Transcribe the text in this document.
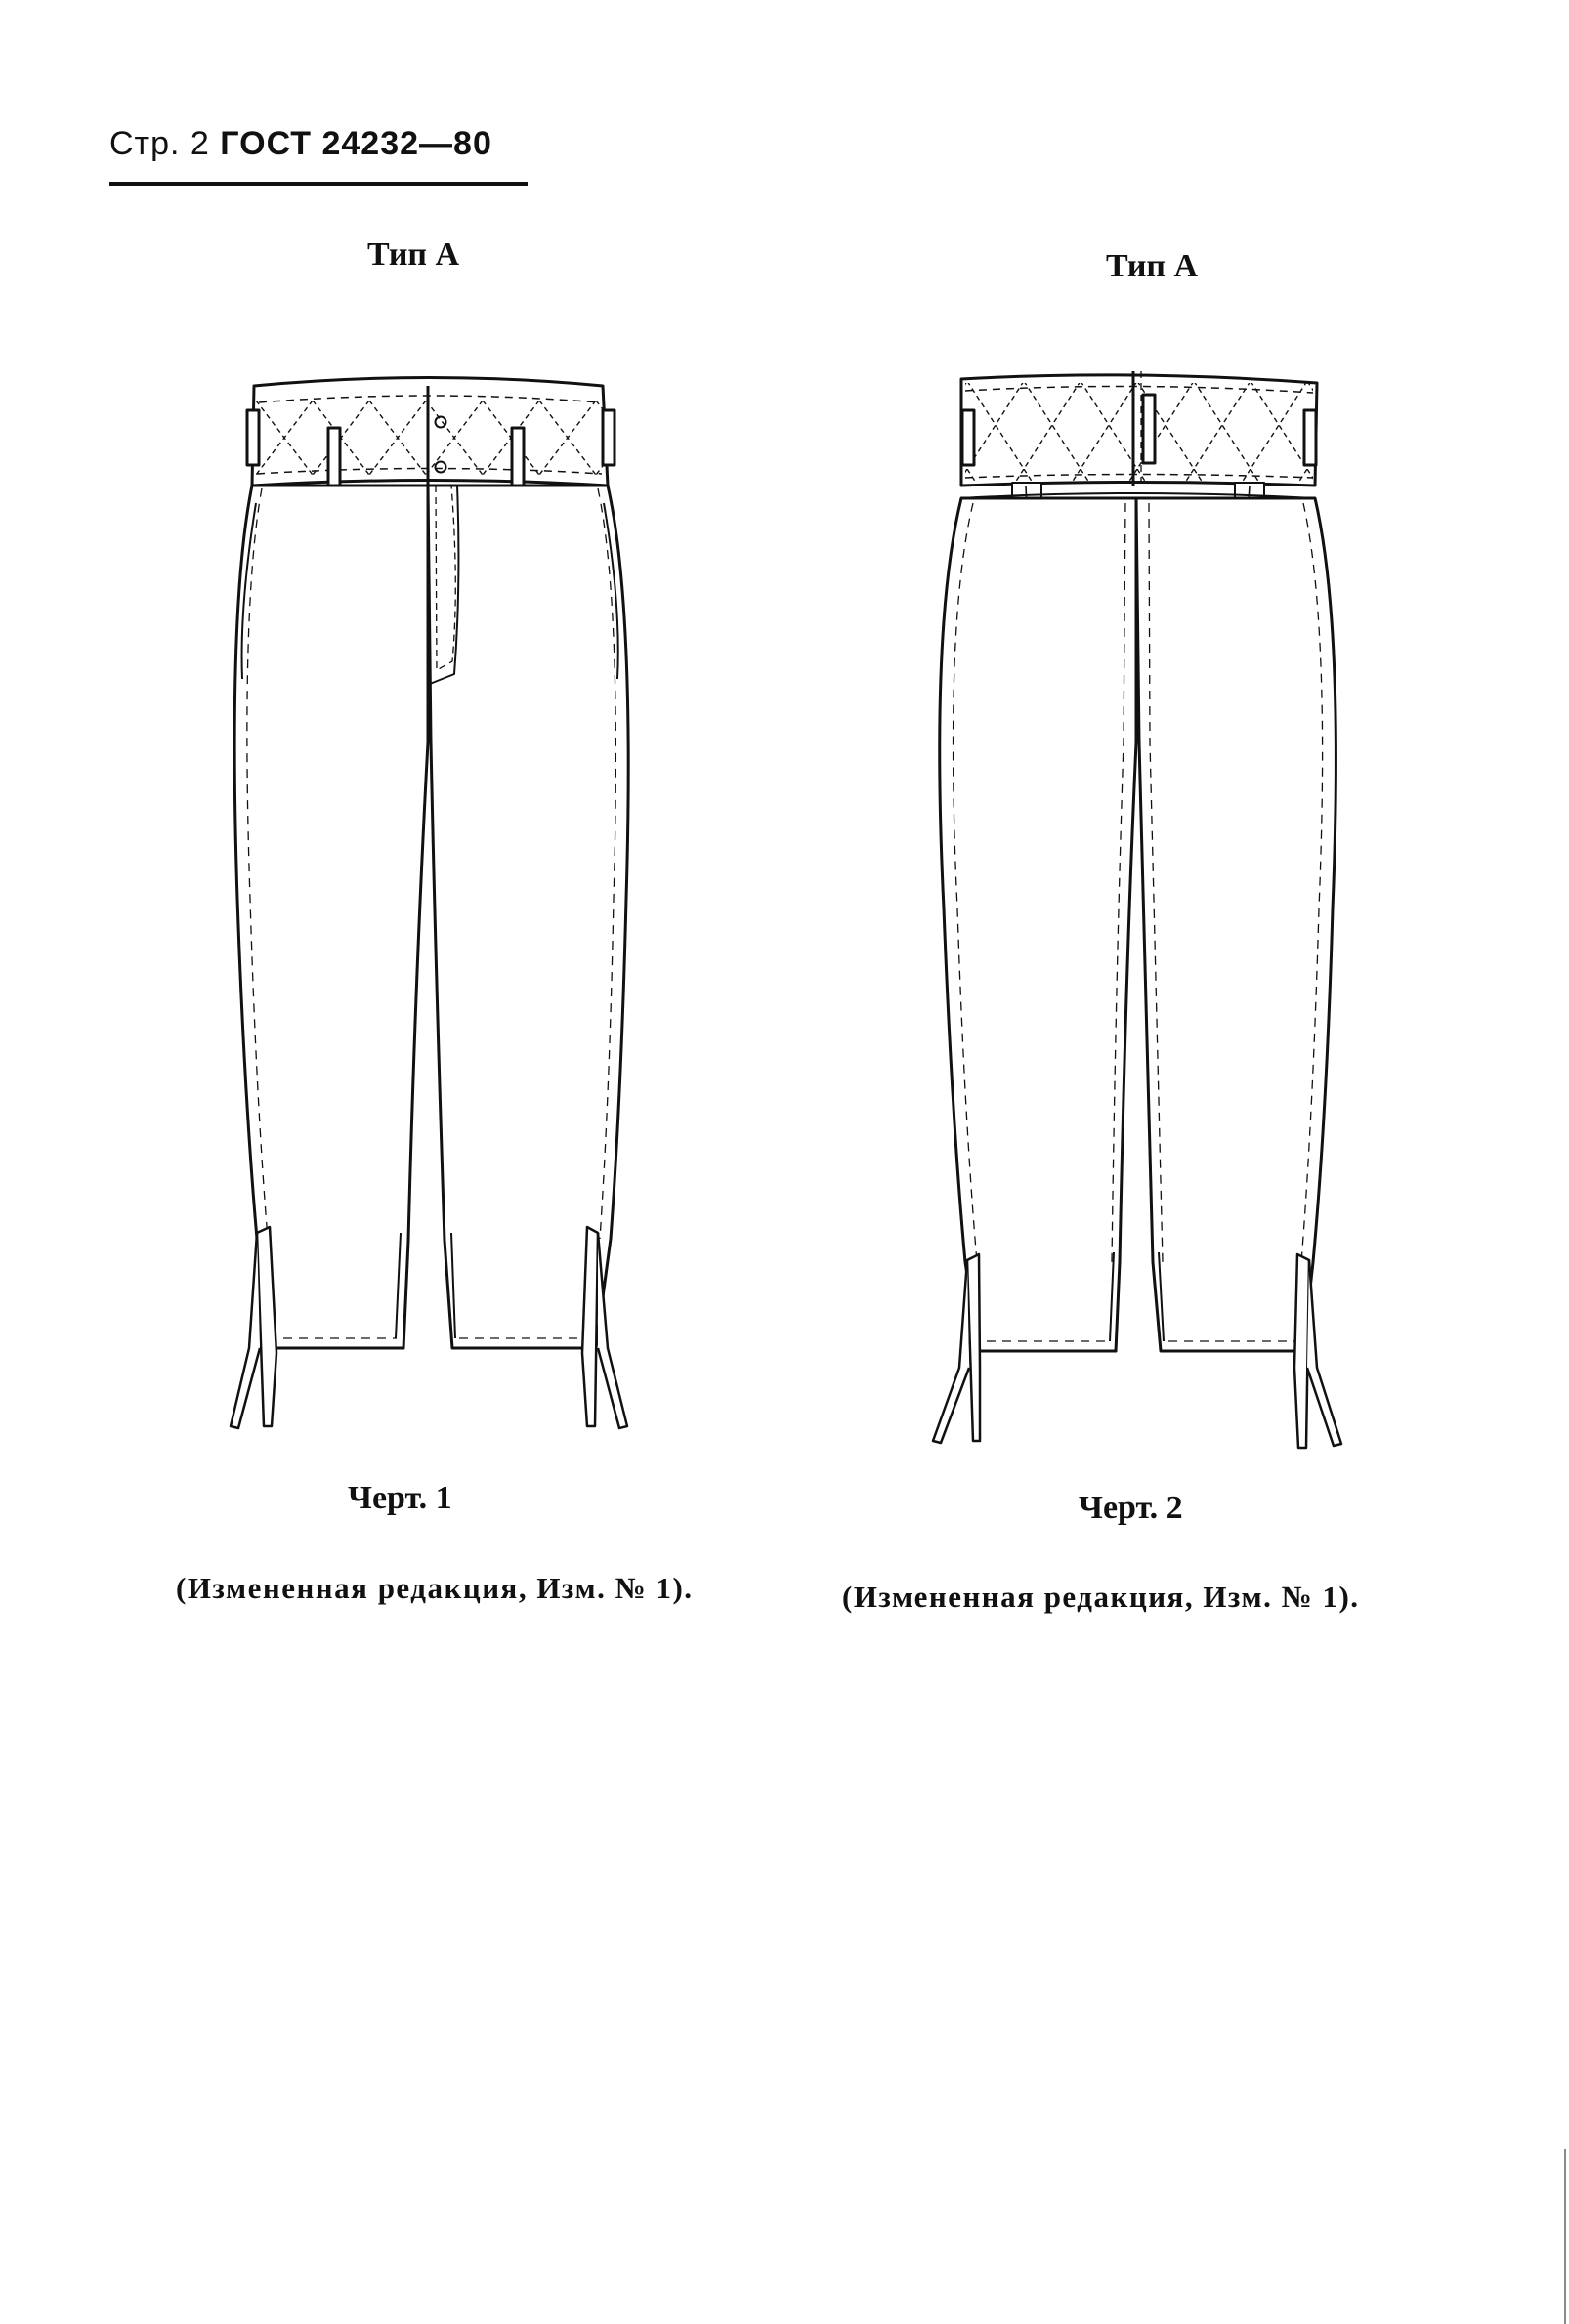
Стр. 2 ГОСТ 24232—80
Тип А	Тип А
Черт. 1	Черт. 2
(Измененная редакция, Изм. № 1).	(Измененная редакция, Изм. № 1).
